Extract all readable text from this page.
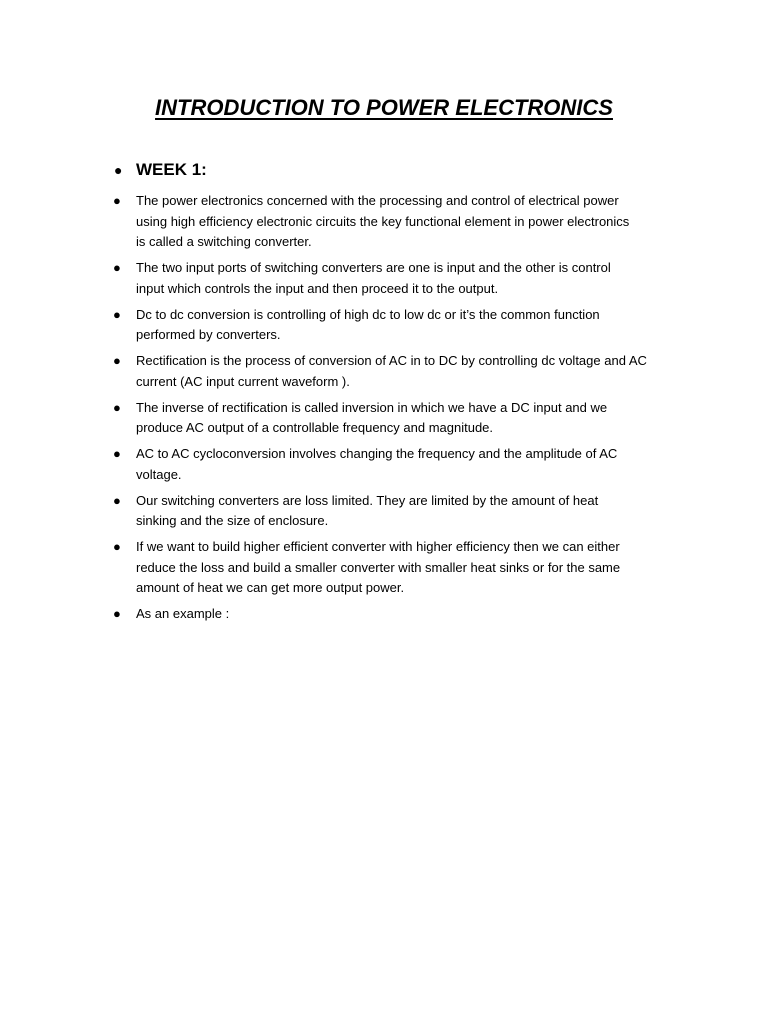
INTRODUCTION TO POWER ELECTRONICS
● WEEK 1:
● The power electronics concerned with the processing and control of electrical power
using high efficiency electronic circuits the key functional element in power electronics
is called a switching converter.
● The two input ports of switching converters are one is input and the other is control
input which controls the input and then proceed it to the output.
● Dc to dc conversion is controlling of high dc to low dc or it’s the common function
performed by converters.
● Rectification is the process of conversion of AC in to DC by controlling dc voltage and AC
current (AC input current waveform ).
● The inverse of rectification is called inversion in which we have a DC input and we
produce AC output of a controllable frequency and magnitude.
● AC to AC cycloconversion involves changing the frequency and the amplitude of AC
voltage.
● Our switching converters are loss limited. They are limited by the amount of heat
sinking and the size of enclosure.
● If we want to build higher efficient converter with higher efficiency then we can either
reduce the loss and build a smaller converter with smaller heat sinks or for the same
amount of heat we can get more output power.
● As an example :
